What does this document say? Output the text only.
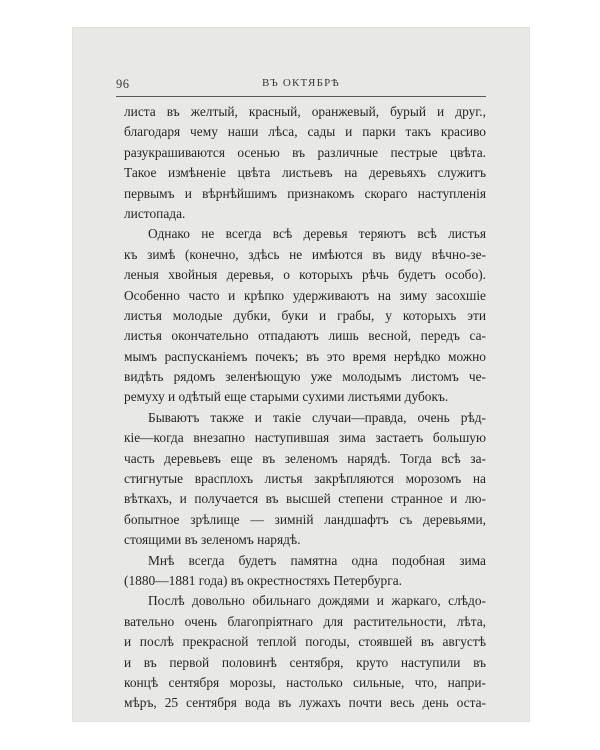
96	ВЪ ОКТЯБРѢ
листа въ желтый, красный, оранжевый, бурый и друг.,
благодаря чему наши лѣса, сады и парки такъ красиво
разукрашиваются осенью въ различные пестрые цвѣта.
Такое измѣненіе цвѣта листьевъ на деревьяхъ служитъ
первымъ и вѣрнѣйшимъ признакомъ скораго наступленія
листопада.
Однако не всегда всѣ деревья теряютъ всѣ листья
къ зимѣ (конечно, здѣсь не имѣются въ виду вѣчно-зе-
леныя хвойныя деревья, о которыхъ рѣчь будетъ особо).
Особенно часто и крѣпко удерживаютъ на зиму засохшіе
листья молодые дубки, буки и грабы, у которыхъ эти
листья окончательно отпадаютъ лишь весной, передъ са-
мымъ распусканіемъ почекъ; въ это время нерѣдко можно
видѣть рядомъ зеленѣющую уже молодымъ листомъ че-
ремуху и одѣтый еще старыми сухими листьями дубокъ.
Бываютъ также и такіе случаи—правда, очень рѣд-
кіе—когда внезапно наступившая зима застаетъ большую
часть деревьевъ еще въ зеленомъ нарядѣ. Тогда всѣ за-
стигнутые врасплохъ листья закрѣпляются морозомъ на
вѣткахъ, и получается въ высшей степени странное и лю-
бопытное зрѣлище — зимній ландшафтъ съ деревьями,
стоящими въ зеленомъ нарядѣ.
Мнѣ всегда будетъ памятна одна подобная зима
(1880—1881 года) въ окрестностяхъ Петербурга.
Послѣ довольно обильнаго дождями и жаркаго, слѣдо-
вательно очень благопріятнаго для растительности, лѣта,
и послѣ прекрасной теплой погоды, стоявшей въ августѣ
и въ первой половинѣ сентября, круто наступили въ
концѣ сентября морозы, настолько сильные, что, напри-
мѣръ, 25 сентября вода въ лужахъ почти весь день оста-
